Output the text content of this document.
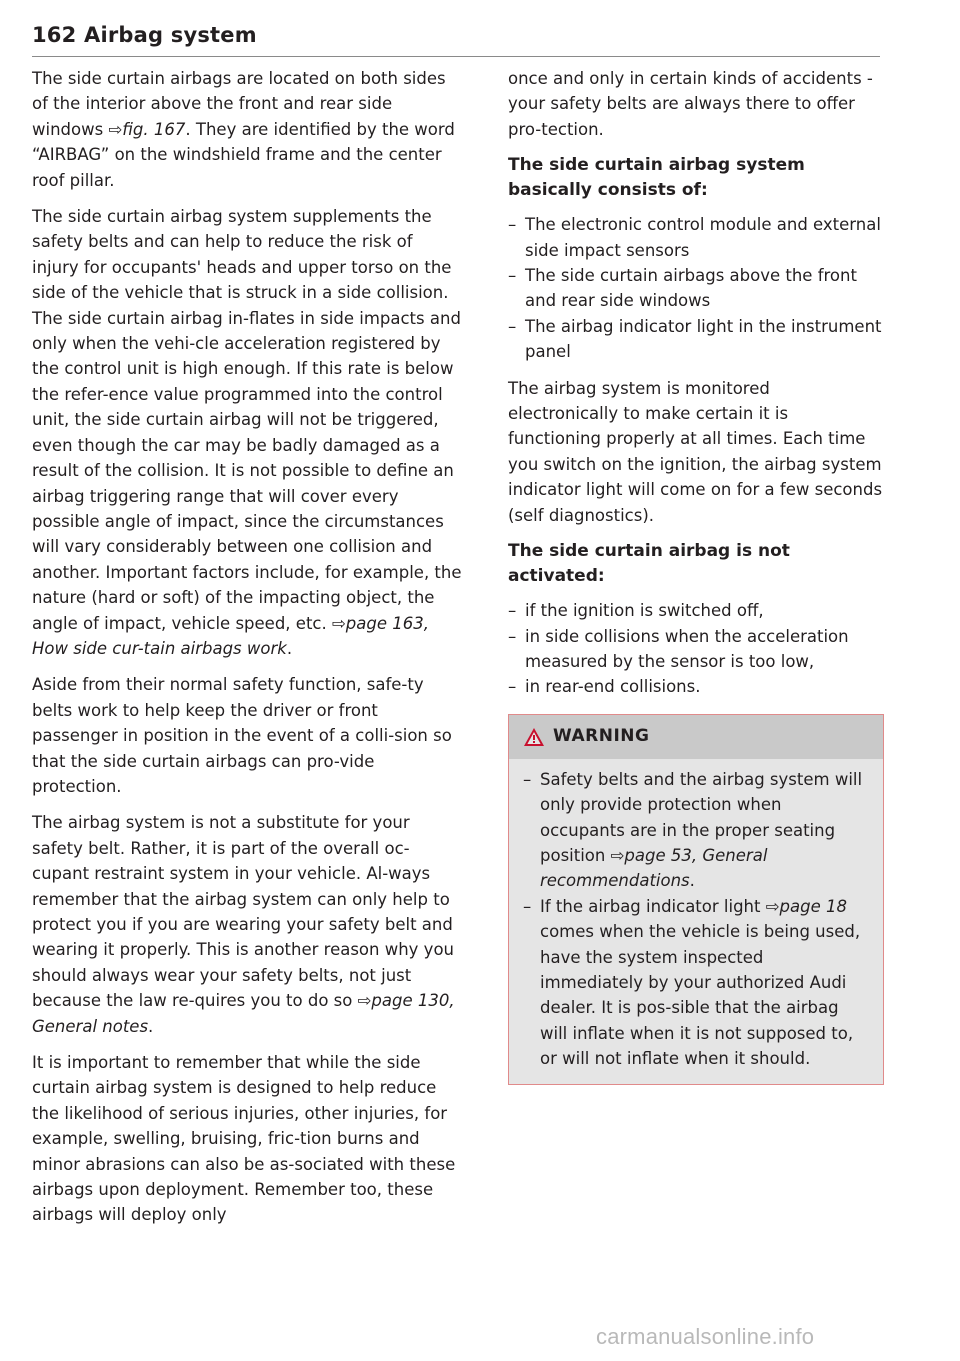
162 Airbag system

The side curtain airbags are located on both sides of the interior above the front and rear side windows ⇨fig. 167. They are identified by the word “AIRBAG” on the windshield frame and the center roof pillar.

The side curtain airbag system supplements the safety belts and can help to reduce the risk of injury for occupants' heads and upper torso on the side of the vehicle that is struck in a side collision. The side curtain airbag in-flates in side impacts and only when the vehi-cle acceleration registered by the control unit is high enough. If this rate is below the refer-ence value programmed into the control unit, the side curtain airbag will not be triggered, even though the car may be badly damaged as a result of the collision. It is not possible to define an airbag triggering range that will cover every possible angle of impact, since the circumstances will vary considerably between one collision and another. Important factors include, for example, the nature (hard or soft) of the impacting object, the angle of impact, vehicle speed, etc. ⇨page 163, How side cur-tain airbags work.

Aside from their normal safety function, safe-ty belts work to help keep the driver or front passenger in position in the event of a colli-sion so that the side curtain airbags can pro-vide protection.

The airbag system is not a substitute for your safety belt. Rather, it is part of the overall oc-cupant restraint system in your vehicle. Al-ways remember that the airbag system can only help to protect you if you are wearing your safety belt and wearing it properly. This is another reason why you should always wear your safety belts, not just because the law re-quires you to do so ⇨page 130, General notes.

It is important to remember that while the side curtain airbag system is designed to help reduce the likelihood of serious injuries, other injuries, for example, swelling, bruising, fric-tion burns and minor abrasions can also be as-sociated with these airbags upon deployment. Remember too, these airbags will deploy only

once and only in certain kinds of accidents -your safety belts are always there to offer pro-tection.

The side curtain airbag system basically consists of:

– The electronic control module and external side impact sensors
– The side curtain airbags above the front and rear side windows
– The airbag indicator light in the instrument panel

The airbag system is monitored electronically to make certain it is functioning properly at all times. Each time you switch on the ignition, the airbag system indicator light will come on for a few seconds (self diagnostics).

The side curtain airbag is not activated:

– if the ignition is switched off,
– in side collisions when the acceleration measured by the sensor is too low,
– in rear-end collisions.
WARNING
– Safety belts and the airbag system will only provide protection when occupants are in the proper seating position ⇨page 53, General recommendations.
– If the airbag indicator light ⇨page 18 comes when the vehicle is being used, have the system inspected immediately by your authorized Audi dealer. It is pos-sible that the airbag will inflate when it is not supposed to, or will not inflate when it should.
carmanualsonline.info
